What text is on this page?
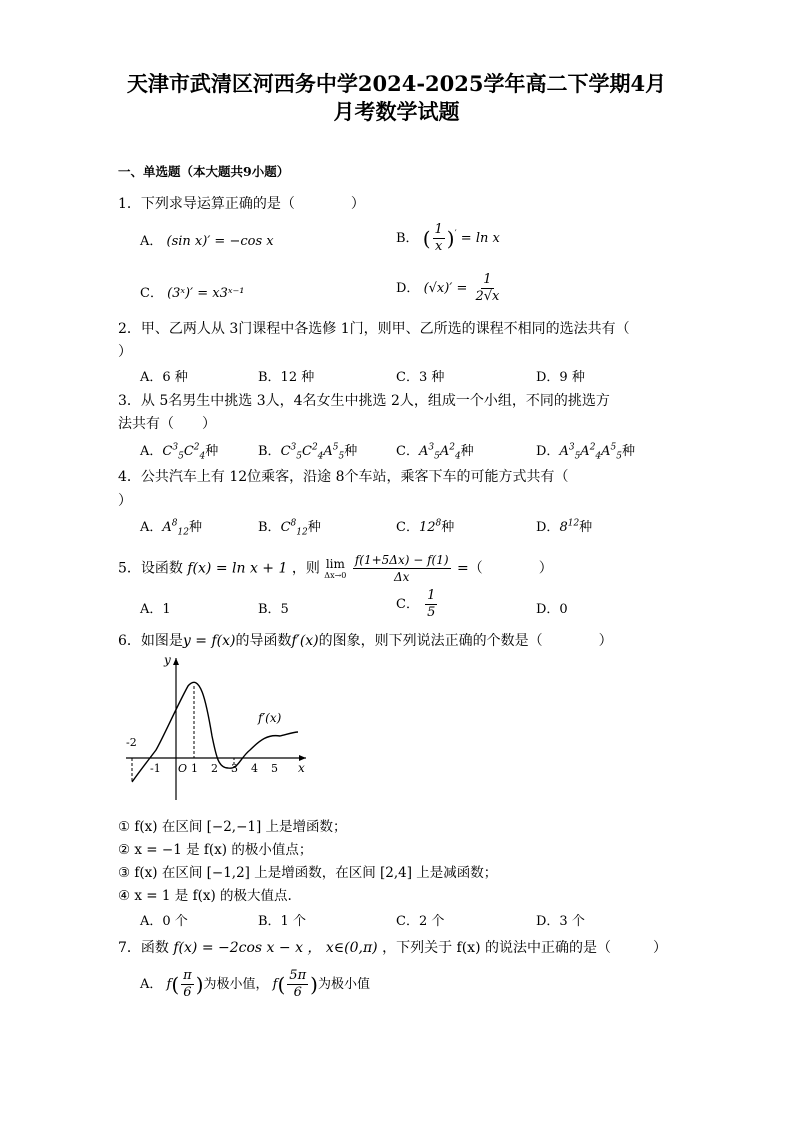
天津市武清区河西务中学2024-2025学年高二下学期4月
月考数学试题
一、单选题（本大题共9小题）
1．下列求导运算正确的是（　　　　）
A． (sin x)′ = −cos x	B． ( $\frac{1}{x} )' = \ln x$
C． (3ˣ)′ = x3ˣ⁻¹	D． $(√x)' = \frac{1}{2√x}$
2．甲、乙两人从 3门课程中各选修 1门，则甲、乙所选的课程不相同的选法共有（
）
A．6 种	B．12 种	C．3 种	D．9 种
3．从 5名男生中挑选 3人，4名女生中挑选 2人，组成一个小组，不同的挑选方
法共有（　　）
A．$C^3_5C^2_4$种	B．$C^3_5C^2_4A^5_5$种	C．$A^3_5A^2_4$种	D．$A^3_5A^2_4A^5_5$种
4．公共汽车上有 12位乘客，沿途 8个车站，乘客下车的可能方式共有（
）
A．$A^8_{12}$种	B．$C^8_{12}$种	C．$12^8$种	D．$8^{12}$种
5．设函数 f(x) = ln x + 1 ，则 lim
Δx→0
$\frac{f(1+5\Delta x) - f(1)}{\Delta x}$ =（　　　　）
A．1	B．5	C． $\frac{1}{5}$	D．0
6．如图是y = f(x)的导函数f′(x)的图象，则下列说法正确的个数是（　　　　）
y
x
O
f′(x)
-2
-1	1 2 3 4 5
① f(x) 在区间 [−2,−1] 上是增函数；
② x = −1 是 f(x) 的极小值点；
③ f(x) 在区间 [−1,2] 上是增函数，在区间 [2,4] 上是减函数；
④ x = 1 是 f(x) 的极大值点.
A．0 个	B．1 个	C．2 个	D．3 个
7．函数 f(x) = −2cos x − x ， x∈(0,π) ，下列关于 f(x) 的说法中正确的是（　　　）
A． $f( \frac{\pi}{6}$ )为极小值， $f( \frac{5\pi}{6}$ )为极小值
